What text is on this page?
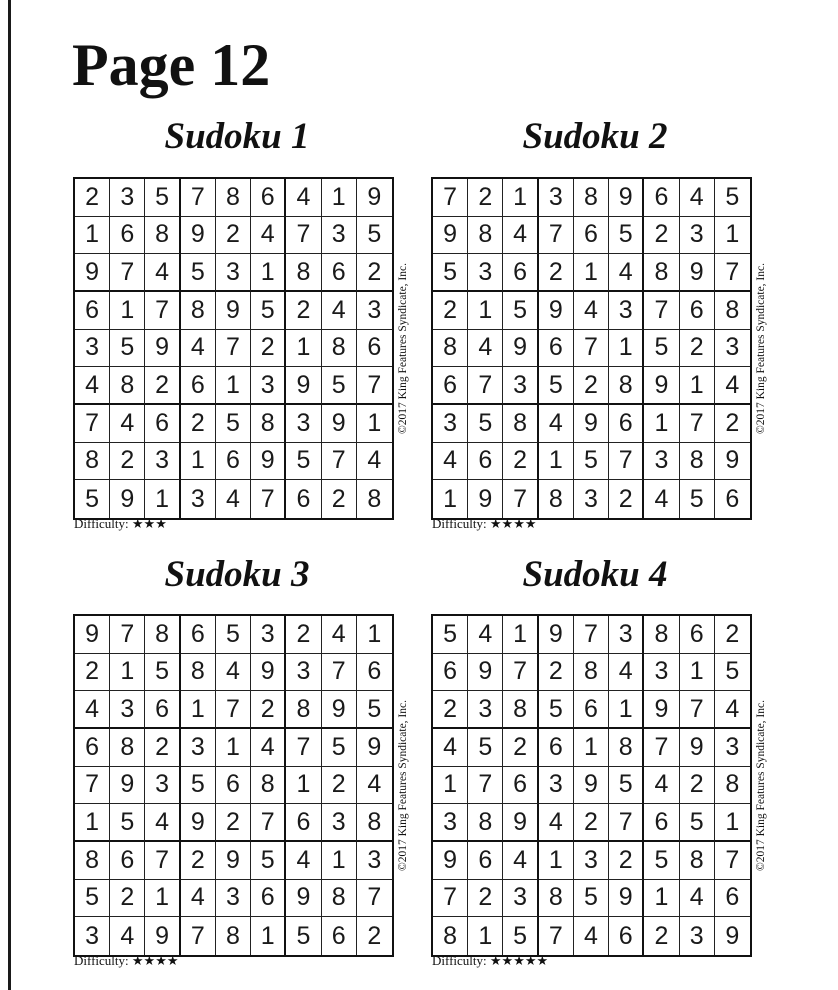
Page 12
Sudoku 1
2 3 5 7 8 6 4 1 9
1 6 8 9 2 4 7 3 5
9 7 4 5 3 1 8 6 2
6 1 7 8 9 5 2 4 3
3 5 9 4 7 2 1 8 6
4 8 2 6 1 3 9 5 7
7 4 6 2 5 8 3 9 1
8 2 3 1 6 9 5 7 4
5 9 1 3 4 7 6 2 8
Difficulty: ★★★
©2017 King Features Syndicate, Inc.
Sudoku 2
7 2 1 3 8 9 6 4 5
9 8 4 7 6 5 2 3 1
5 3 6 2 1 4 8 9 7
2 1 5 9 4 3 7 6 8
8 4 9 6 7 1 5 2 3
6 7 3 5 2 8 9 1 4
3 5 8 4 9 6 1 7 2
4 6 2 1 5 7 3 8 9
1 9 7 8 3 2 4 5 6
Difficulty: ★★★★
©2017 King Features Syndicate, Inc.
Sudoku 3
9 7 8 6 5 3 2 4 1
2 1 5 8 4 9 3 7 6
4 3 6 1 7 2 8 9 5
6 8 2 3 1 4 7 5 9
7 9 3 5 6 8 1 2 4
1 5 4 9 2 7 6 3 8
8 6 7 2 9 5 4 1 3
5 2 1 4 3 6 9 8 7
3 4 9 7 8 1 5 6 2
Difficulty: ★★★★
©2017 King Features Syndicate, Inc.
Sudoku 4
5 4 1 9 7 3 8 6 2
6 9 7 2 8 4 3 1 5
2 3 8 5 6 1 9 7 4
4 5 2 6 1 8 7 9 3
1 7 6 3 9 5 4 2 8
3 8 9 4 2 7 6 5 1
9 6 4 1 3 2 5 8 7
7 2 3 8 5 9 1 4 6
8 1 5 7 4 6 2 3 9
Difficulty: ★★★★★
©2017 King Features Syndicate, Inc.
